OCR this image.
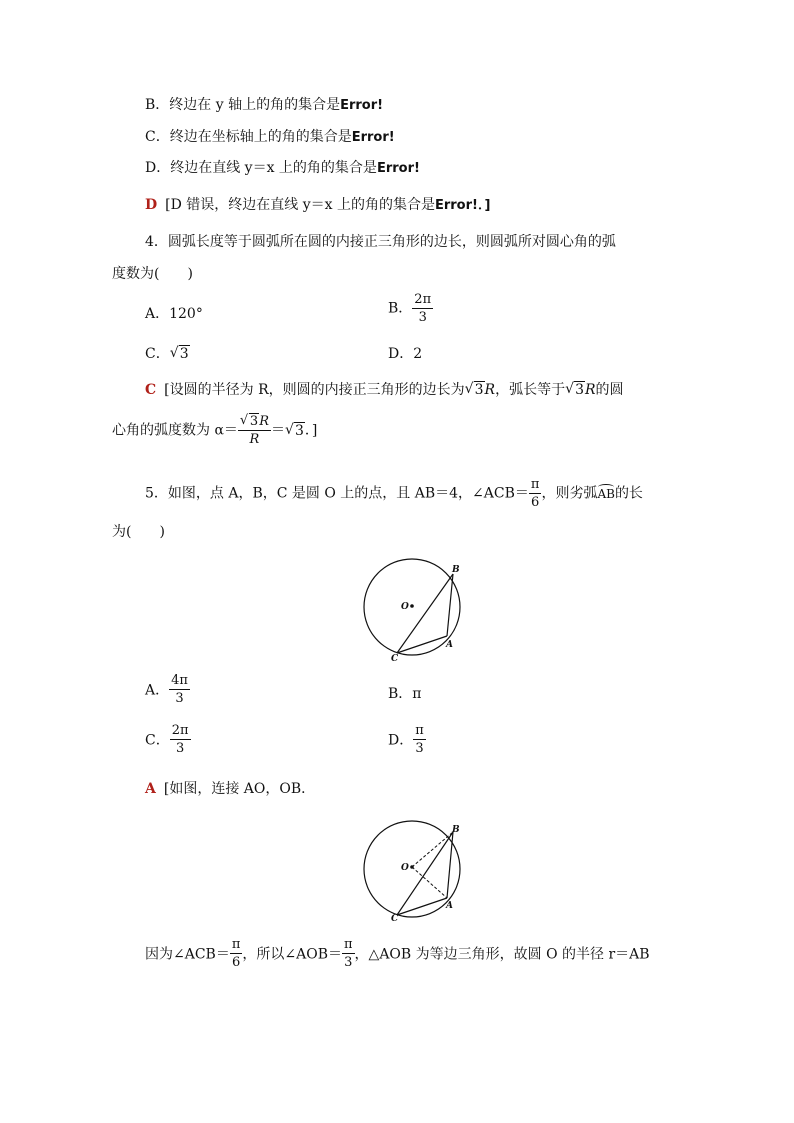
B．终边在 y 轴上的角的集合是Error!
C．终边在坐标轴上的角的集合是Error!
D．终边在直线 y＝x 上的角的集合是Error!
D [D 错误，终边在直线 y＝x 上的角的集合是Error!．]
4．圆弧长度等于圆弧所在圆的内接正三角形的边长，则圆弧所对圆心角的弧
度数为(　　)
A．120°	B． $\frac{2\pi}{3}$
C． √ 3	D．2
C [设圆的半径为 R，则圆的内接正三角形的边长为 √ 3R，弧长等于 √ 3R的圆
心角的弧度数为 α＝ √ $\frac{3R}{R}$ ＝ √ 3．]
5．如图，点 A，B，C 是圆 O 上的点，且 AB＝4，∠ACB＝ $\frac{\pi}{6}$ ，则劣弧AB的长
为(　　)
O
B
A
C
A． $\frac{4\pi}{3}$	B．π
C． $\frac{2\pi}{3}$	D． $\frac{\pi}{3}$
A [如图，连接 AO，OB．
O
B
A
C
因为∠ACB＝ $\frac{\pi}{6}$ ，所以∠AOB＝ $\frac{\pi}{3}$ ，△AOB 为等边三角形，故圆 O 的半径 r＝AB
